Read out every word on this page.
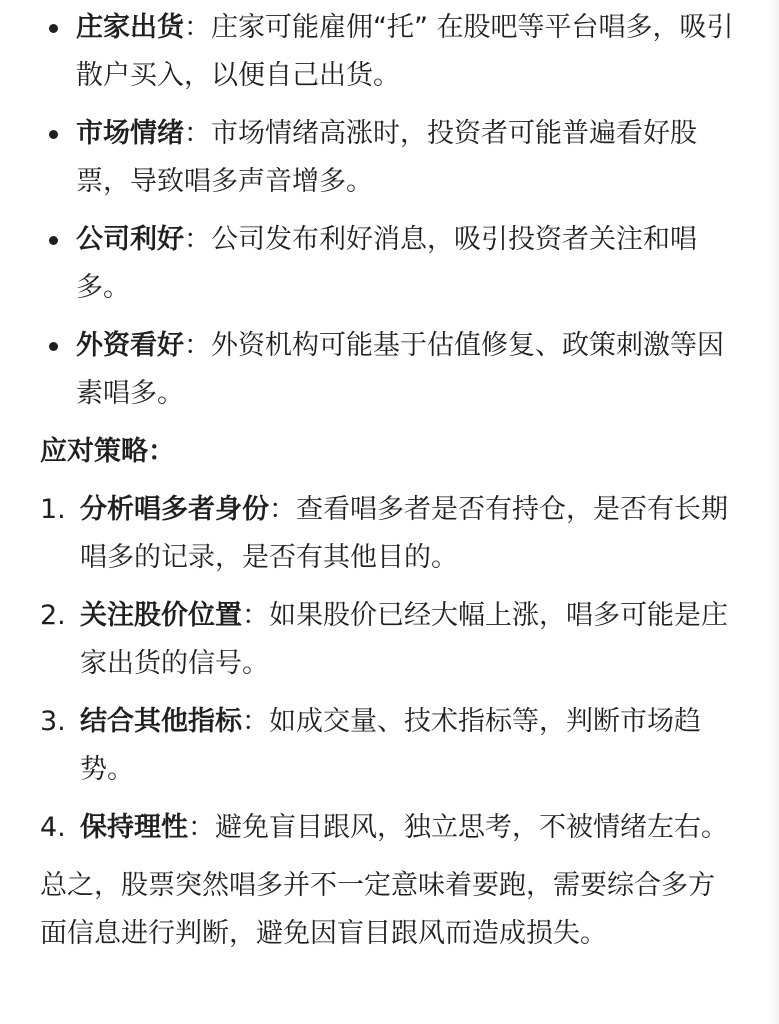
庄家出货：庄家可能雇佣“托” 在股吧等平台唱多，吸引散户买入，以便自己出货。
市场情绪：市场情绪高涨时，投资者可能普遍看好股票，导致唱多声音增多。
公司利好：公司发布利好消息，吸引投资者关注和唱多。
外资看好：外资机构可能基于估值修复、政策刺激等因素唱多。
应对策略：
1. 分析唱多者身份：查看唱多者是否有持仓，是否有长期唱多的记录，是否有其他目的。
2. 关注股价位置：如果股价已经大幅上涨，唱多可能是庄家出货的信号。
3. 结合其他指标：如成交量、技术指标等，判断市场趋势。
4. 保持理性：避免盲目跟风，独立思考，不被情绪左右。

总之，股票突然唱多并不一定意味着要跑，需要综合多方面信息进行判断，避免因盲目跟风而造成损失。
